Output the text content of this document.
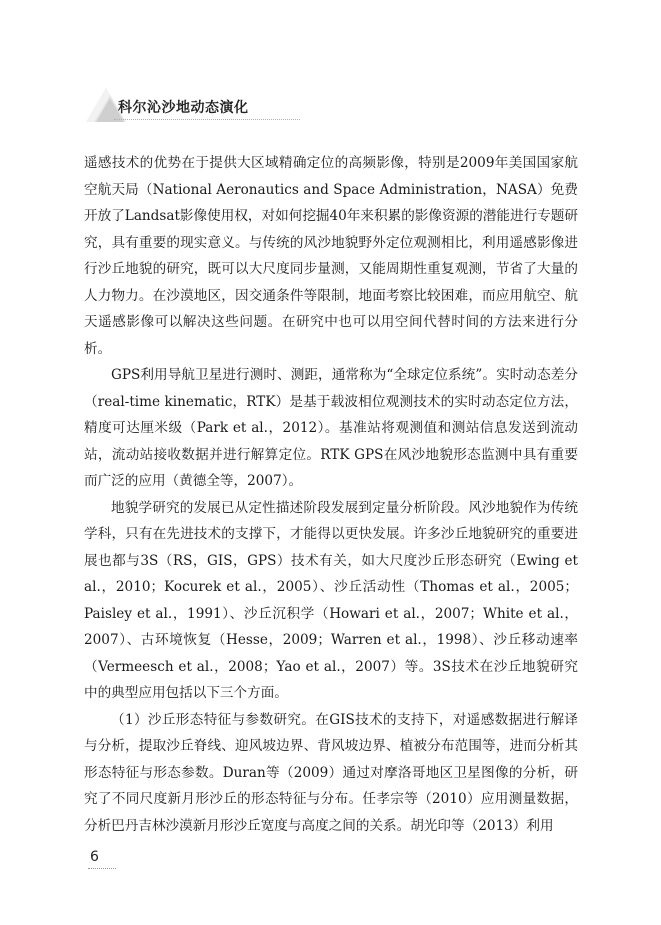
科尔沁沙地动态演化

遥感技术的优势在于提供大区域精确定位的高频影像，特别是2009年美国国家航空航天局（National Aeronautics and Space Administration，NASA）免费开放了Landsat影像使用权，对如何挖掘40年来积累的影像资源的潜能进行专题研究，具有重要的现实意义。与传统的风沙地貌野外定位观测相比，利用遥感影像进行沙丘地貌的研究，既可以大尺度同步量测，又能周期性重复观测，节省了大量的人力物力。在沙漠地区，因交通条件等限制，地面考察比较困难，而应用航空、航天遥感影像可以解决这些问题。在研究中也可以用空间代替时间的方法来进行分析。

GPS利用导航卫星进行测时、测距，通常称为“全球定位系统”。实时动态差分（real-time kinematic，RTK）是基于载波相位观测技术的实时动态定位方法，精度可达厘米级（Park et al.，2012）。基准站将观测值和测站信息发送到流动站，流动站接收数据并进行解算定位。RTK GPS在风沙地貌形态监测中具有重要而广泛的应用（黄德全等，2007）。

地貌学研究的发展已从定性描述阶段发展到定量分析阶段。风沙地貌作为传统学科，只有在先进技术的支撑下，才能得以更快发展。许多沙丘地貌研究的重要进展也都与3S（RS，GIS，GPS）技术有关，如大尺度沙丘形态研究（Ewing et al.，2010；Kocurek et al.，2005）、沙丘活动性（Thomas et al.，2005；Paisley et al.，1991）、沙丘沉积学（Howari et al.，2007；White et al.，2007）、古环境恢复（Hesse，2009；Warren et al.，1998）、沙丘移动速率（Vermeesch et al.，2008；Yao et al.，2007）等。3S技术在沙丘地貌研究中的典型应用包括以下三个方面。

（1）沙丘形态特征与参数研究。在GIS技术的支持下，对遥感数据进行解译与分析，提取沙丘脊线、迎风坡边界、背风坡边界、植被分布范围等，进而分析其形态特征与形态参数。Duran等（2009）通过对摩洛哥地区卫星图像的分析，研究了不同尺度新月形沙丘的形态特征与分布。任孝宗等（2010）应用测量数据，分析巴丹吉林沙漠新月形沙丘宽度与高度之间的关系。胡光印等（2013）利用

6
